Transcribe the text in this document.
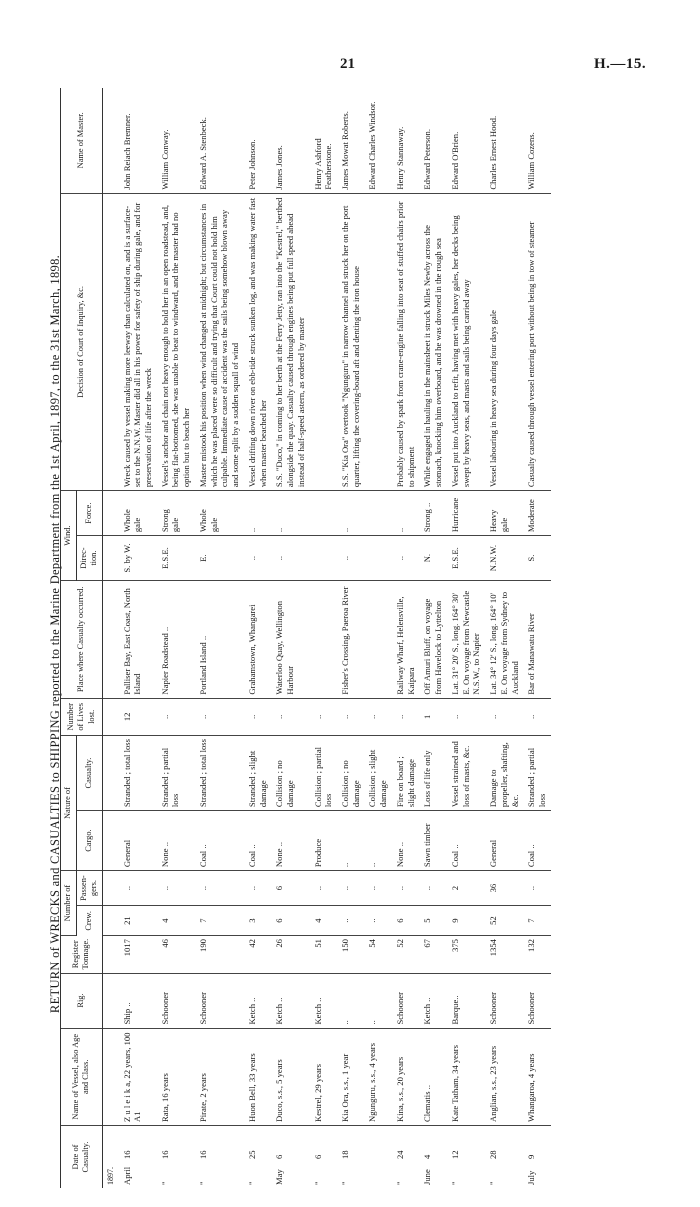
21	H.—15.
RETURN of WRECKS and CASUALTIES to SHIPPING reported to the Marine Department from the 1st April, 1897, to the 31st March, 1898.
Date of Casualty.	Name of Vessel, also Age and Class.	Rig.	Register Tonnage.	Number of		Nature of		Number of Lives lost.	Place where Casualty occurred.	Wind.		Decision of Court of Inquiry, &c.	Name of Master.
				Crew.	Passen- gers.	Cargo.	Casualty.			Direc- tion.	Force.		
1897.													
April16	Z u l e i k a, 22 years, 100 A1	Ship ..	1017	21	..	General	Stranded ; total loss	12	Palliser Bay, East Coast, North Island	S. by W.	Whole gale	Wreck caused by vessel making more leeway than calculated on, and is a surface-set to the N.N.W. Master did all in his power for safety of ship during gale, and for preservation of life after the wreck	John Reiach Bremner.
"16	Rata, 16 years	Schooner	46	4	..	None ..	Stranded ; partial loss	..	Napier Roadstead ..	E.S.E.	Strong gale	Vessel's anchor and chain not heavy enough to hold her in an open roadstead, and, being flat-bottomed, she was unable to beat to windward, and the master had no option but to beach her	William Conway.
"16	Pirate, 2 years	Schooner	190	7	..	Coal ..	Stranded ; total loss	..	Portland Island ..	E.	Whole gale	Master mistook his position when wind changed at midnight; but circumstances in which he was placed were so difficult and trying that Court could not hold him culpable. Immediate cause of accident was the sails being somehow blown away and some split by a sudden squall of wind	Edward A. Stenbeck.
"25	Huon Bell, 33 years	Ketch ..	42	3	..	Coal ..	Stranded ; slight damage	..	Grahamstown, Whangarei	..	..	Vessel drifting down river on ebb-tide struck sunken log, and was making water fast when master beached her	Peter Johnson.
May6	Duco, s.s., 5 years	Ketch ..	26	6	6	None ..	Collision ; no damage	..	Waterloo Quay, Wellington Harbour	..	..	S.S. "Duco," in coming to her berth at the Ferry Jetty, ran into the "Kestrel," berthed alongside the quay. Casualty caused through engines being put full speed ahead instead of half-speed astern, as ordered by master	James Jones.
"6	Kestrel, 29 years	Ketch ..	51	4	..	Produce	Collision ; partial loss	..					Henry Ashford Featherstone.
"18	Kia Ora, s.s., 1 year	..	150	..	..	..	Collision ; no damage	..	Fisher's Crossing, Paeroa River	..	..	S.S. "Kia Ora" overtook "Ngunguru" in narrow channel and struck her on the port quarter, lifting the covering-board aft and denting the iron house	James Mowat Roberts.
	Ngunguru, s.s., 4 years	..	54	..	..	..	Collision ; slight damage	..					Edward Charles Windsor.
"24	Kina, s.s., 20 years	Schooner	52	6	..	None ..	Fire on board ; slight damage	..	Railway Wharf, Helensville, Kaipara	..	..	Probably caused by spark from crane-engine falling into seat of stuffed chairs prior to shipment	Henry Stannaway.
June4	Clematis ..	Ketch ..	67	5	..	Sawn timber	Loss of life only	1	Off Amuri Bluff, on voyage from Havelock to Lyttelton	N.	Strong ..	While engaged in hauling in the mainsheet it struck Miles Newby across the stomach, knocking him overboard, and he was drowned in the rough sea	Edward Peterson.
"12	Kate Tatham, 34 years	Barque..	375	9	2	Coal ..	Vessel strained and loss of masts, &c.	..	Lat. 31° 20' S., long. 164° 30' E. On voyage from Newcastle N.S.W., to Napier	E.S.E.	Hurricane	Vessel put into Auckland to refit, having met with heavy gales, her decks being swept by heavy seas, and masts and sails being carried away	Edward O'Brien.
"28	Anglian, s.s., 23 years	Schooner	1354	52	36	General	Damage to propeller, shafting, &c.	..	Lat. 34° 12' S., long. 164° 10' E. On voyage from Sydney to Auckland	N.N.W.	Heavy gale	Vessel labouring in heavy sea during four days gale	Charles Ernest Hood.
July9	Whangaroa, 4 years	Schooner	132	7	..	Coal ..	Stranded ; partial loss	..	Bar of Manawatu River	S.	Moderate	Casualty caused through vessel entering port without being in tow of steamer	William Cozens.
